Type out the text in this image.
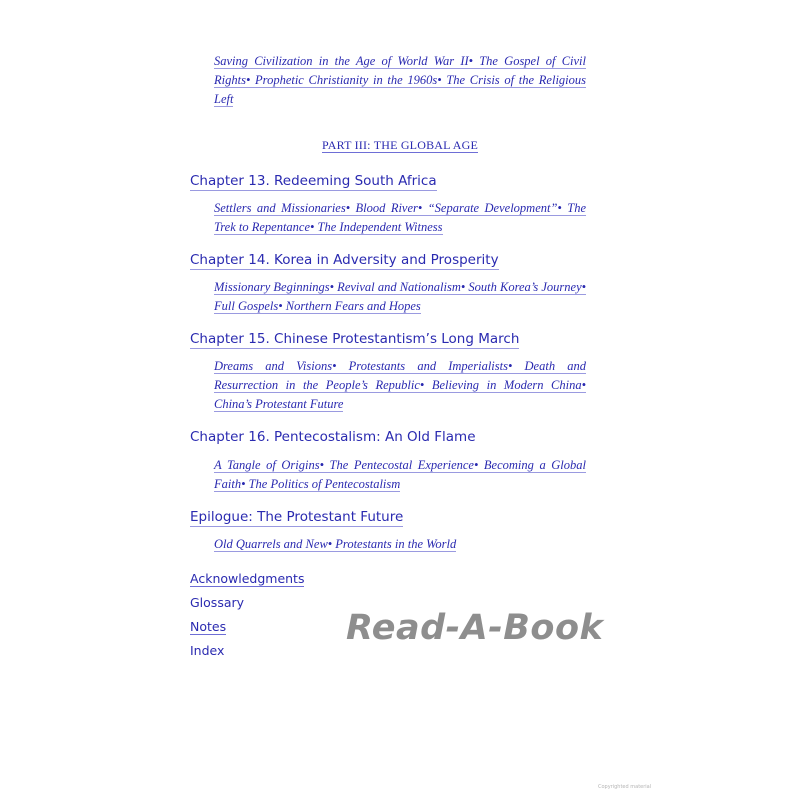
Saving Civilization in the Age of World War II• The Gospel of Civil Rights• Prophetic Christianity in the 1960s• The Crisis of the Religious Left
PART III: THE GLOBAL AGE
Chapter 13. Redeeming South Africa
Settlers and Missionaries• Blood River• “Separate Development”• The Trek to Repentance• The Independent Witness
Chapter 14. Korea in Adversity and Prosperity
Missionary Beginnings• Revival and Nationalism• South Korea’s Journey• Full Gospels• Northern Fears and Hopes
Chapter 15. Chinese Protestantism’s Long March
Dreams and Visions• Protestants and Imperialists• Death and Resurrection in the People’s Republic• Believing in Modern China• China’s Protestant Future
Chapter 16. Pentecostalism: An Old Flame
A Tangle of Origins• The Pentecostal Experience• Becoming a Global Faith• The Politics of Pentecostalism
Epilogue: The Protestant Future
Old Quarrels and New• Protestants in the World
Acknowledgments
Glossary
Notes
Index
Read-A-Book
Copyrighted material
